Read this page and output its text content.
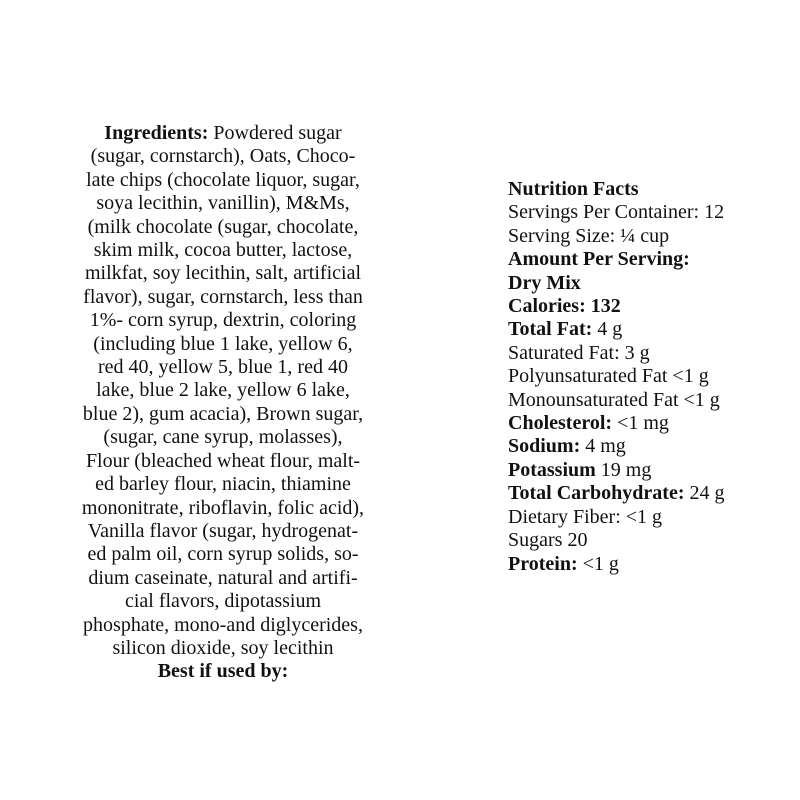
Ingredients: Powdered sugar
(sugar, cornstarch), Oats, Choco-
late chips (chocolate liquor, sugar,
soya lecithin, vanillin), M&Ms,
(milk chocolate (sugar, chocolate,
skim milk, cocoa butter, lactose,
milkfat, soy lecithin, salt, artificial
flavor), sugar, cornstarch, less than
1%- corn syrup, dextrin, coloring
(including blue 1 lake, yellow 6,
red 40, yellow 5, blue 1, red 40
lake, blue 2 lake, yellow 6 lake,
blue 2), gum acacia), Brown sugar,
(sugar, cane syrup, molasses),
Flour (bleached wheat flour, malt-
ed barley flour, niacin, thiamine
mononitrate, riboflavin, folic acid),
Vanilla flavor (sugar, hydrogenat-
ed palm oil, corn syrup solids, so-
dium caseinate, natural and artifi-
cial flavors, dipotassium
phosphate, mono-and diglycerides,
silicon dioxide, soy lecithin
Best if used by:
Nutrition Facts
Servings Per Container: 12
Serving Size: ¼ cup
Amount Per Serving:
Dry Mix
Calories: 132
Total Fat: 4 g
Saturated Fat: 3 g
Polyunsaturated Fat <1 g
Monounsaturated Fat <1 g
Cholesterol: <1 mg
Sodium: 4 mg
Potassium 19 mg
Total Carbohydrate: 24 g
Dietary Fiber: <1 g
Sugars 20
Protein: <1 g
